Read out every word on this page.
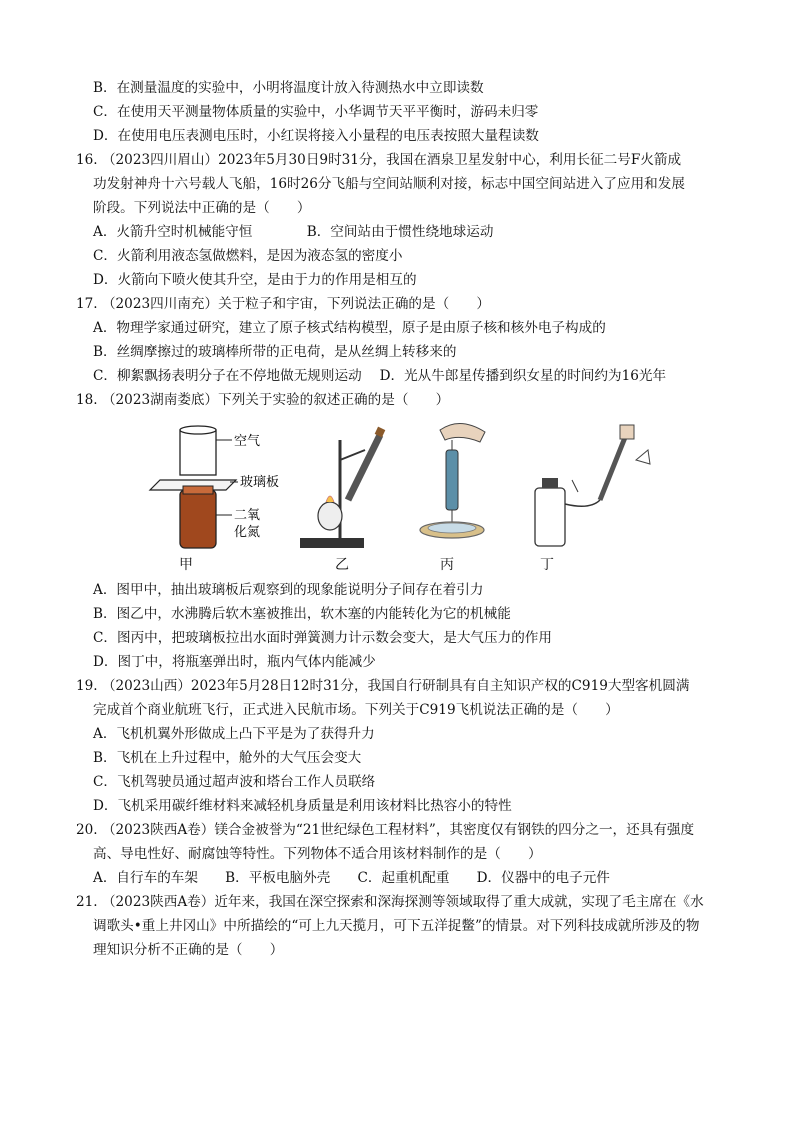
B．在测量温度的实验中，小明将温度计放入待测热水中立即读数
C．在使用天平测量物体质量的实验中，小华调节天平平衡时，游码未归零
D．在使用电压表测电压时，小红误将接入小量程的电压表按照大量程读数
16. （2023四川眉山）2023年5月30日9时31分，我国在酒泉卫星发射中心，利用长征二号F火箭成
功发射神舟十六号载人飞船，16时26分飞船与空间站顺利对接，标志中国空间站进入了应用和发展
阶段。下列说法中正确的是（　　）
A．火箭升空时机械能守恒　　　　B．空间站由于惯性绕地球运动
C．火箭利用液态氢做燃料，是因为液态氢的密度小
D．火箭向下喷火使其升空，是由于力的作用是相互的
17. （2023四川南充）关于粒子和宇宙，下列说法正确的是（　　）
A．物理学家通过研究，建立了原子核式结构模型，原子是由原子核和核外电子构成的
B．丝绸摩擦过的玻璃棒所带的正电荷，是从丝绸上转移来的
C．柳絮飘扬表明分子在不停地做无规则运动　 D．光从牛郎星传播到织女星的时间约为16光年
18. （2023湖南娄底）下列关于实验的叙述正确的是（　　）
空气
玻璃板
二氧
化氮
甲	乙	丙	丁
A．图甲中，抽出玻璃板后观察到的现象能说明分子间存在着引力
B．图乙中，水沸腾后软木塞被推出，软木塞的内能转化为它的机械能
C．图丙中，把玻璃板拉出水面时弹簧测力计示数会变大，是大气压力的作用
D．图丁中，将瓶塞弹出时，瓶内气体内能减少
19. （2023山西）2023年5月28日12时31分，我国自行研制具有自主知识产权的C919大型客机圆满
完成首个商业航班飞行，正式进入民航市场。下列关于C919飞机说法正确的是（　　）
A．飞机机翼外形做成上凸下平是为了获得升力
B．飞机在上升过程中，舱外的大气压会变大
C．飞机驾驶员通过超声波和塔台工作人员联络
D．飞机采用碳纤维材料来减轻机身质量是利用该材料比热容小的特性
20. （2023陕西A卷）镁合金被誉为“21世纪绿色工程材料”，其密度仅有钢铁的四分之一，还具有强度
高、导电性好、耐腐蚀等特性。下列物体不适合用该材料制作的是（　　）
A．自行车的车架　　B．平板电脑外壳　　C．起重机配重　　D．仪器中的电子元件
21. （2023陕西A卷）近年来，我国在深空探索和深海探测等领域取得了重大成就，实现了毛主席在《水
调歌头•重上井冈山》中所描绘的“可上九天揽月，可下五洋捉鳖”的情景。对下列科技成就所涉及的物
理知识分析不正确的是（　　）
